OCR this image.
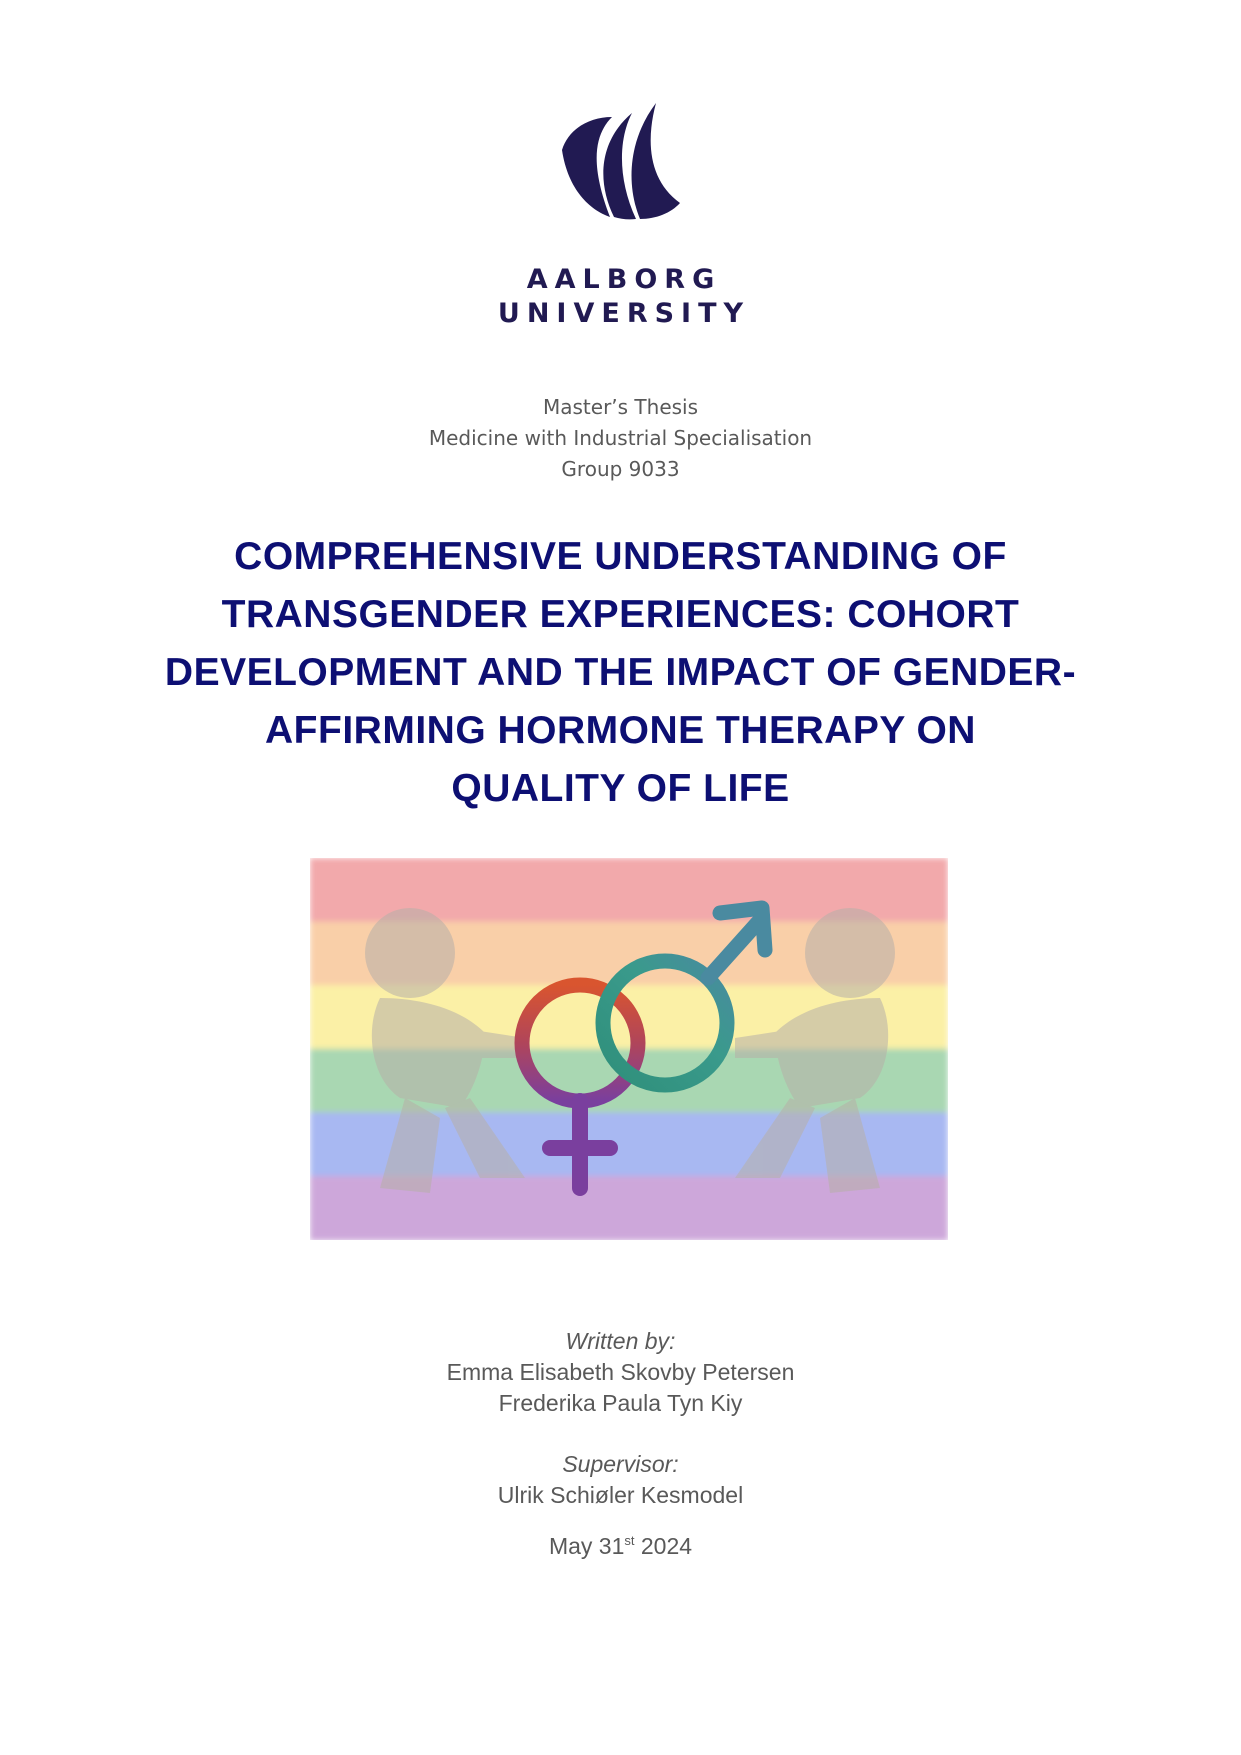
AALBORG
UNIVERSITY
Master’s Thesis
Medicine with Industrial Specialisation
Group 9033
COMPREHENSIVE UNDERSTANDING OF
TRANSGENDER EXPERIENCES: COHORT
DEVELOPMENT AND THE IMPACT OF GENDER-
AFFIRMING HORMONE THERAPY ON
QUALITY OF LIFE
Written by:
Emma Elisabeth Skovby Petersen
Frederika Paula Tyn Kiy
Supervisor:
Ulrik Schiøler Kesmodel
May 31st 2024
